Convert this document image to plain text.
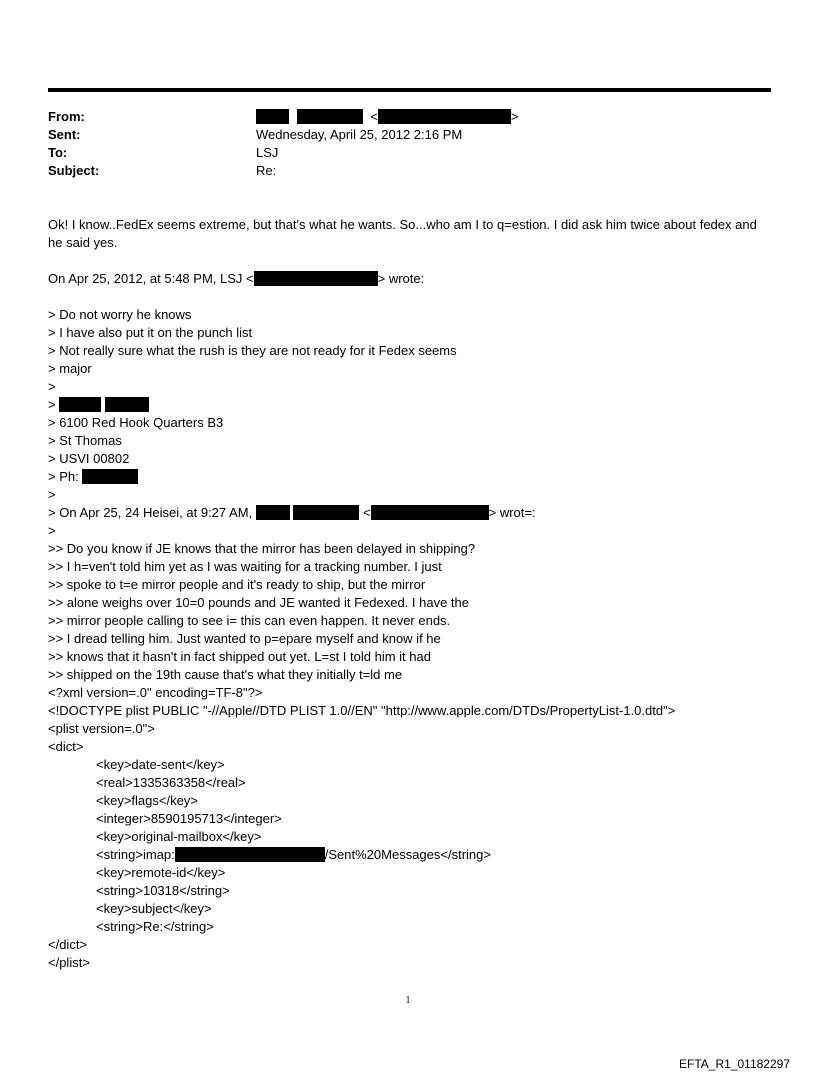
From:	<	>
Sent:	Wednesday, April 25, 2012 2:16 PM
To:	LSJ
Subject:	Re:
Ok! I know..FedEx seems extreme, but that's what he wants. So...who am I to q=estion. I did ask him twice about fedex and he said yes.
On Apr 25, 2012, at 5:48 PM, LSJ <	> wrote:
> Do not worry he knows
> I have also put it on the punch list
> Not really sure what the rush is they are not ready for it Fedex seems
> major
>
>
> 6100 Red Hook Quarters B3
> St Thomas
> USVI 00802
> Ph:
>
> On Apr 25, 24 Heisei, at 9:27 AM,	<	> wrot=:
>
>> Do you know if JE knows that the mirror has been delayed in shipping?
>> I h=ven't told him yet as I was waiting for a tracking number. I just
>> spoke to t=e mirror people and it's ready to ship, but the mirror
>> alone weighs over 10=0 pounds and JE wanted it Fedexed. I have the
>> mirror people calling to see i= this can even happen. It never ends.
>> I dread telling him. Just wanted to p=epare myself and know if he
>> knows that it hasn't in fact shipped out yet. L=st I told him it had
>> shipped on the 19th cause that's what they initially t=ld me
<?xml version=.0" encoding=TF-8"?>
<!DOCTYPE plist PUBLIC "-//Apple//DTD PLIST 1.0//EN" "http://www.apple.com/DTDs/PropertyList-1.0.dtd">
<plist version=.0">
<dict>
<key>date-sent</key>
<real>1335363358</real>
<key>flags</key>
<integer>8590195713</integer>
<key>original-mailbox</key>
<string>imap:	/Sent%20Messages</string>
<key>remote-id</key>
<string>10318</string>
<key>subject</key>
<string>Re:</string>
</dict>
</plist>
1
EFTA_R1_01182297
